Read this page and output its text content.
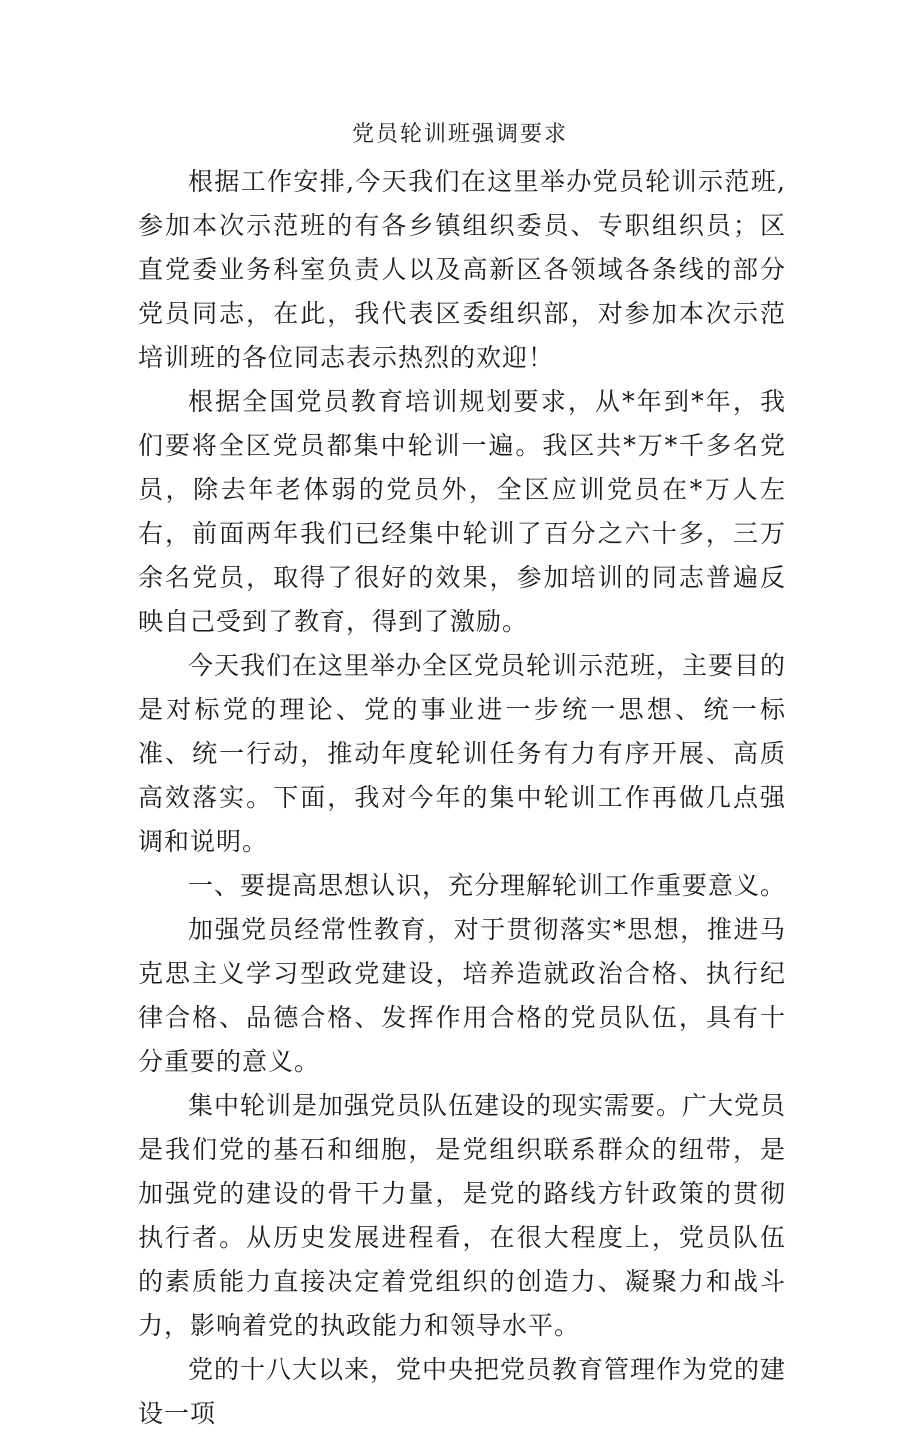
党员轮训班强调要求

根据工作安排,今天我们在这里举办党员轮训示范班,参加本次示范班的有各乡镇组织委员、专职组织员；区直党委业务科室负责人以及高新区各领域各条线的部分党员同志，在此，我代表区委组织部，对参加本次示范培训班的各位同志表示热烈的欢迎！

根据全国党员教育培训规划要求，从*年到*年，我们要将全区党员都集中轮训一遍。我区共*万*千多名党员，除去年老体弱的党员外，全区应训党员在*万人左右，前面两年我们已经集中轮训了百分之六十多，三万余名党员，取得了很好的效果，参加培训的同志普遍反映自己受到了教育，得到了激励。

今天我们在这里举办全区党员轮训示范班，主要目的是对标党的理论、党的事业进一步统一思想、统一标准、统一行动，推动年度轮训任务有力有序开展、高质高效落实。下面，我对今年的集中轮训工作再做几点强调和说明。

一、要提高思想认识，充分理解轮训工作重要意义。

加强党员经常性教育，对于贯彻落实*思想，推进马克思主义学习型政党建设，培养造就政治合格、执行纪律合格、品德合格、发挥作用合格的党员队伍，具有十分重要的意义。

集中轮训是加强党员队伍建设的现实需要。广大党员是我们党的基石和细胞，是党组织联系群众的纽带，是加强党的建设的骨干力量，是党的路线方针政策的贯彻执行者。从历史发展进程看，在很大程度上，党员队伍的素质能力直接决定着党组织的创造力、凝聚力和战斗力，影响着党的执政能力和领导水平。

党的十八大以来，党中央把党员教育管理作为党的建设一项
